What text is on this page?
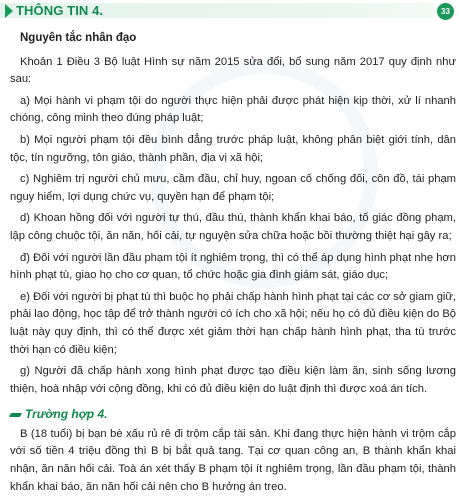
THÔNG TIN 4.	33

Nguyên tắc nhân đạo

Khoản 1 Điều 3 Bộ luật Hình sự năm 2015 sửa đổi, bổ sung năm 2017 quy định như sau:

a) Mọi hành vi phạm tội do người thực hiện phải được phát hiện kịp thời, xử lí nhanh chóng, công minh theo đúng pháp luật;

b) Mọi người phạm tội đều bình đẳng trước pháp luật, không phân biệt giới tính, dân tộc, tín ngưỡng, tôn giáo, thành phần, địa vị xã hội;

c) Nghiêm trị người chủ mưu, cầm đầu, chỉ huy, ngoan cố chống đối, côn đồ, tái phạm nguy hiểm, lợi dụng chức vụ, quyền hạn để phạm tội;

d) Khoan hồng đối với người tự thú, đầu thú, thành khẩn khai báo, tố giác đồng phạm, lập công chuộc tội, ăn năn, hối cải, tự nguyện sửa chữa hoặc bồi thường thiệt hại gây ra;

đ) Đối với người lần đầu phạm tội ít nghiêm trọng, thì có thể áp dụng hình phạt nhẹ hơn hình phạt tù, giao họ cho cơ quan, tổ chức hoặc gia đình giám sát, giáo dục;

e) Đối với người bị phạt tù thì buộc họ phải chấp hành hình phạt tại các cơ sở giam giữ, phải lao động, học tập để trở thành người có ích cho xã hội; nếu họ có đủ điều kiện do Bộ luật này quy định, thì có thể được xét giảm thời hạn chấp hành hình phạt, tha tù trước thời hạn có điều kiện;

g) Người đã chấp hành xong hình phạt được tạo điều kiện làm ăn, sinh sống lương thiện, hoà nhập với cộng đồng, khi có đủ điều kiện do luật định thì được xoá án tích.

Trường hợp 4.

B (18 tuổi) bị bạn bè xấu rủ rê đi trộm cắp tài sản. Khi đang thực hiện hành vi trộm cắp với số tiền 4 triệu đồng thì B bị bắt quả tang. Tại cơ quan công an, B thành khẩn khai nhận, ăn năn hối cải. Toà án xét thấy B phạm tội ít nghiêm trọng, lần đầu phạm tội, thành khẩn khai báo, ăn năn hối cải nên cho B hưởng án treo.
